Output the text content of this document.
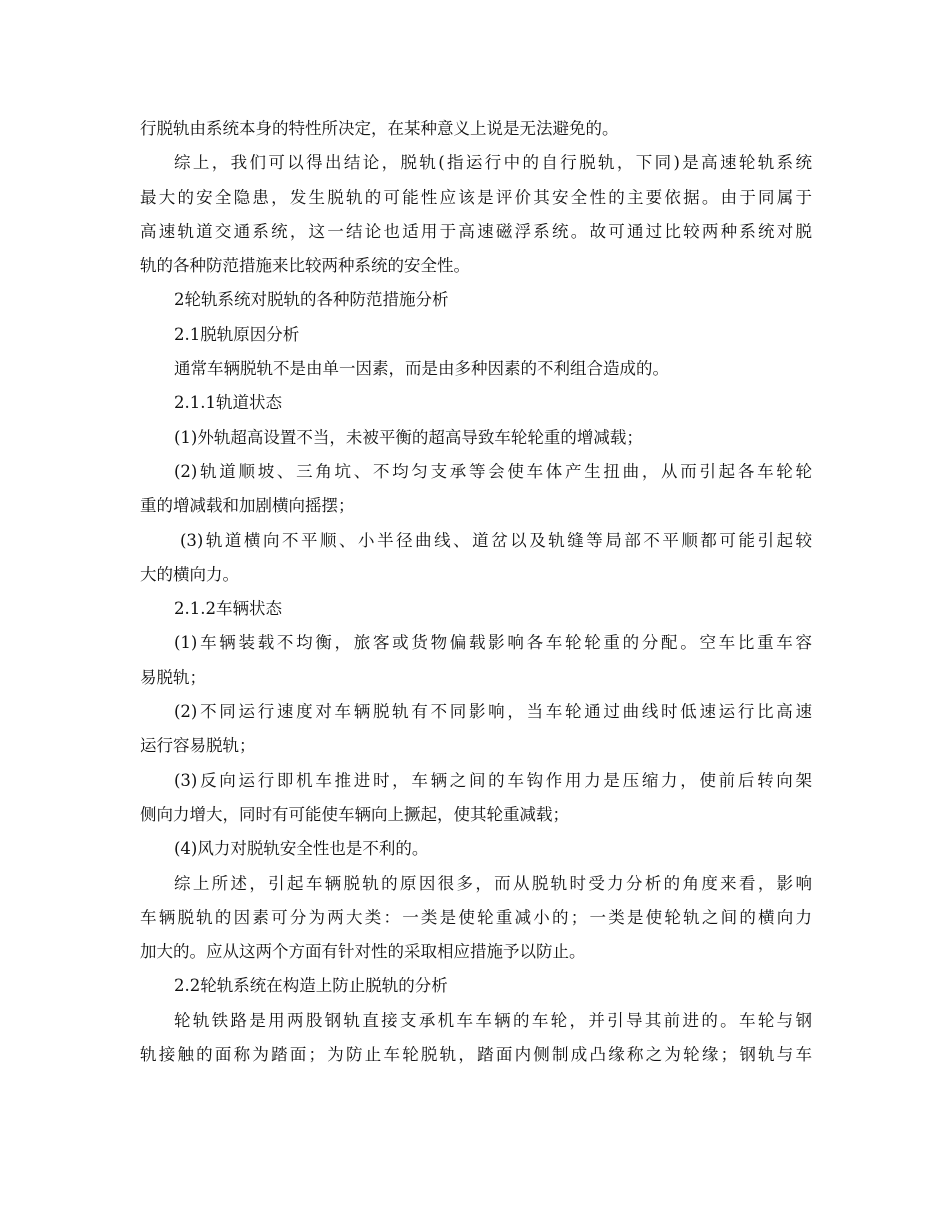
行脱轨由系统本身的特性所决定，在某种意义上说是无法避免的。
综上，我们可以得出结论，脱轨(指运行中的自行脱轨，下同)是高速轮轨系统
最大的安全隐患，发生脱轨的可能性应该是评价其安全性的主要依据。由于同属于
高速轨道交通系统，这一结论也适用于高速磁浮系统。故可通过比较两种系统对脱
轨的各种防范措施来比较两种系统的安全性。
2轮轨系统对脱轨的各种防范措施分析
2.1脱轨原因分析
通常车辆脱轨不是由单一因素，而是由多种因素的不利组合造成的。
2.1.1轨道状态
(1)外轨超高设置不当，未被平衡的超高导致车轮轮重的增减载；
(2)轨道顺坡、三角坑、不均匀支承等会使车体产生扭曲，从而引起各车轮轮
重的增减载和加剧横向摇摆；
(3)轨道横向不平顺、小半径曲线、道岔以及轨缝等局部不平顺都可能引起较
大的横向力。
2.1.2车辆状态
(1)车辆装载不均衡，旅客或货物偏载影响各车轮轮重的分配。空车比重车容
易脱轨；
(2)不同运行速度对车辆脱轨有不同影响，当车轮通过曲线时低速运行比高速
运行容易脱轨；
(3)反向运行即机车推进时，车辆之间的车钩作用力是压缩力，使前后转向架
侧向力增大，同时有可能使车辆向上撅起，使其轮重减载；
(4)风力对脱轨安全性也是不利的。
综上所述，引起车辆脱轨的原因很多，而从脱轨时受力分析的角度来看，影响
车辆脱轨的因素可分为两大类：一类是使轮重减小的；一类是使轮轨之间的横向力
加大的。应从这两个方面有针对性的采取相应措施予以防止。
2.2轮轨系统在构造上防止脱轨的分析
轮轨铁路是用两股钢轨直接支承机车车辆的车轮，并引导其前进的。车轮与钢
轨接触的面称为踏面；为防止车轮脱轨，踏面内侧制成凸缘称之为轮缘；钢轨与车
